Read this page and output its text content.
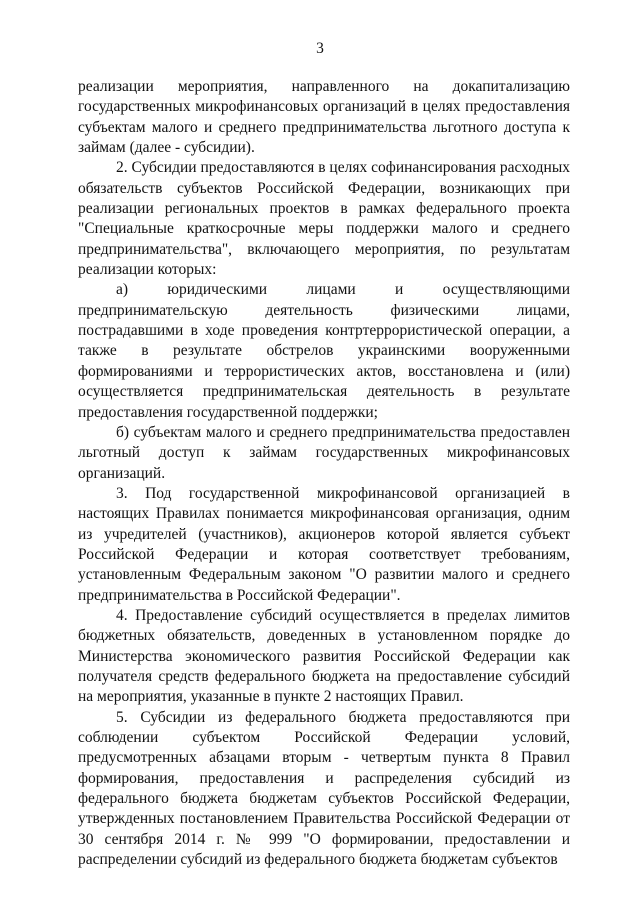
3

реализации мероприятия, направленного на докапитализацию государственных микрофинансовых организаций в целях предоставления субъектам малого и среднего предпринимательства льготного доступа к займам (далее - субсидии).

2. Субсидии предоставляются в целях софинансирования расходных обязательств субъектов Российской Федерации, возникающих при реализации региональных проектов в рамках федерального проекта "Специальные краткосрочные меры поддержки малого и среднего предпринимательства", включающего мероприятия, по результатам реализации которых:

а) юридическими лицами и осуществляющими предпринимательскую деятельность физическими лицами, пострадавшими в ходе проведения контртеррористической операции, а также в результате обстрелов украинскими вооруженными формированиями и террористических актов, восстановлена и (или) осуществляется предпринимательская деятельность в результате предоставления государственной поддержки;

б) субъектам малого и среднего предпринимательства предоставлен льготный доступ к займам государственных микрофинансовых организаций.

3. Под государственной микрофинансовой организацией в настоящих Правилах понимается микрофинансовая организация, одним из учредителей (участников), акционеров которой является субъект Российской Федерации и которая соответствует требованиям, установленным Федеральным законом "О развитии малого и среднего предпринимательства в Российской Федерации".

4. Предоставление субсидий осуществляется в пределах лимитов бюджетных обязательств, доведенных в установленном порядке до Министерства экономического развития Российской Федерации как получателя средств федерального бюджета на предоставление субсидий на мероприятия, указанные в пункте 2 настоящих Правил.

5. Субсидии из федерального бюджета предоставляются при соблюдении субъектом Российской Федерации условий, предусмотренных абзацами вторым - четвертым пункта 8 Правил формирования, предоставления и распределения субсидий из федерального бюджета бюджетам субъектов Российской Федерации, утвержденных постановлением Правительства Российской Федерации от 30 сентября 2014 г. № 999 "О формировании, предоставлении и распределении субсидий из федерального бюджета бюджетам субъектов
